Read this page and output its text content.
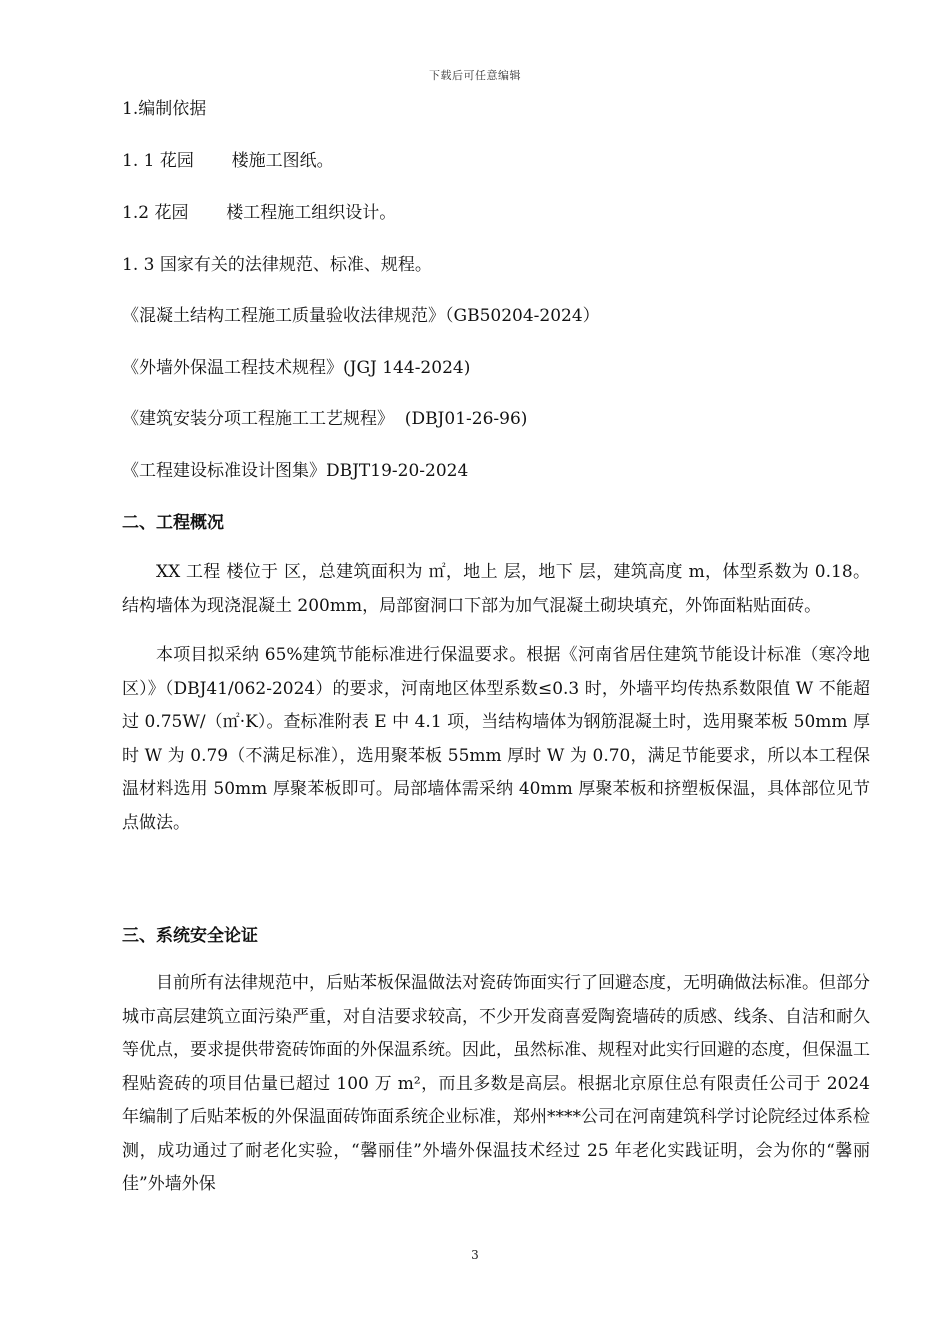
下载后可任意编辑
1.编制依据
1. 1 花园       楼施工图纸。
1.2 花园       楼工程施工组织设计。
1. 3 国家有关的法律规范、标准、规程。
《混凝土结构工程施工质量验收法律规范》（GB50204-2024）
《外墙外保温工程技术规程》(JGJ 144-2024)
《建筑安装分项工程施工工艺规程》  (DBJ01-26-96)
《工程建设标准设计图集》DBJT19-20-2024
二、工程概况

XX 工程 楼位于 区，总建筑面积为 ㎡，地上 层，地下 层，建筑高度 m，体型系数为 0.18。结构墙体为现浇混凝土 200mm，局部窗洞口下部为加气混凝土砌块填充，外饰面粘贴面砖。

本项目拟采纳 65%建筑节能标准进行保温要求。根据《河南省居住建筑节能设计标准（寒冷地区）》（DBJ41/062-2024）的要求，河南地区体型系数≤0.3 时，外墙平均传热系数限值 W 不能超过 0.75W/（㎡·K）。查标准附表 E 中 4.1 项，当结构墙体为钢筋混凝土时，选用聚苯板 50mm 厚时 W 为 0.79（不满足标准），选用聚苯板 55mm 厚时 W 为 0.70，满足节能要求，所以本工程保温材料选用 50mm 厚聚苯板即可。局部墙体需采纳 40mm 厚聚苯板和挤塑板保温，具体部位见节点做法。

三、系统安全论证

目前所有法律规范中，后贴苯板保温做法对瓷砖饰面实行了回避态度，无明确做法标准。但部分城市高层建筑立面污染严重，对自洁要求较高，不少开发商喜爱陶瓷墙砖的质感、线条、自洁和耐久等优点，要求提供带瓷砖饰面的外保温系统。因此，虽然标准、规程对此实行回避的态度，但保温工程贴瓷砖的项目估量已超过 100 万 m²，而且多数是高层。根据北京原住总有限责任公司于 2024 年编制了后贴苯板的外保温面砖饰面系统企业标准，郑州****公司在河南建筑科学讨论院经过体系检测，成功通过了耐老化实验，“馨丽佳”外墙外保温技术经过 25 年老化实践证明，会为你的“馨丽佳”外墙外保

3
